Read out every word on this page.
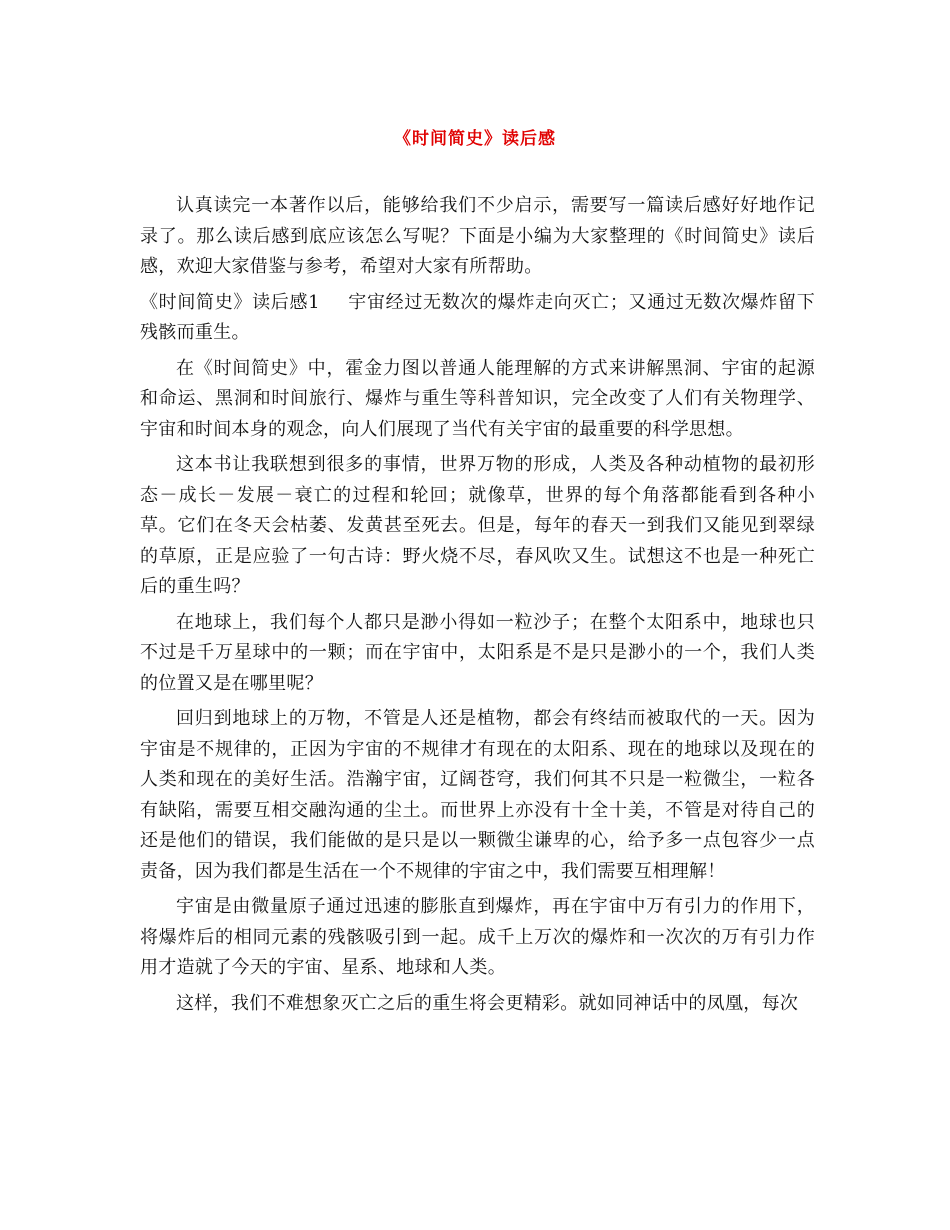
《时间简史》读后感

认真读完一本著作以后，能够给我们不少启示，需要写一篇读后感好好地作记录了。那么读后感到底应该怎么写呢？下面是小编为大家整理的《时间简史》读后感，欢迎大家借鉴与参考，希望对大家有所帮助。

《时间简史》读后感1 宇宙经过无数次的爆炸走向灭亡；又通过无数次爆炸留下残骸而重生。

在《时间简史》中，霍金力图以普通人能理解的方式来讲解黑洞、宇宙的起源和命运、黑洞和时间旅行、爆炸与重生等科普知识，完全改变了人们有关物理学、宇宙和时间本身的观念，向人们展现了当代有关宇宙的最重要的科学思想。

这本书让我联想到很多的事情，世界万物的形成，人类及各种动植物的最初形态－成长－发展－衰亡的过程和轮回；就像草，世界的每个角落都能看到各种小草。它们在冬天会枯萎、发黄甚至死去。但是，每年的春天一到我们又能见到翠绿的草原，正是应验了一句古诗：野火烧不尽，春风吹又生。试想这不也是一种死亡后的重生吗？

在地球上，我们每个人都只是渺小得如一粒沙子；在整个太阳系中，地球也只不过是千万星球中的一颗；而在宇宙中，太阳系是不是只是渺小的一个，我们人类的位置又是在哪里呢？

回归到地球上的万物，不管是人还是植物，都会有终结而被取代的一天。因为宇宙是不规律的，正因为宇宙的不规律才有现在的太阳系、现在的地球以及现在的人类和现在的美好生活。浩瀚宇宙，辽阔苍穹，我们何其不只是一粒微尘，一粒各有缺陷，需要互相交融沟通的尘土。而世界上亦没有十全十美，不管是对待自己的还是他们的错误，我们能做的是只是以一颗微尘谦卑的心，给予多一点包容少一点责备，因为我们都是生活在一个不规律的宇宙之中，我们需要互相理解！

宇宙是由微量原子通过迅速的膨胀直到爆炸，再在宇宙中万有引力的作用下，将爆炸后的相同元素的残骸吸引到一起。成千上万次的爆炸和一次次的万有引力作用才造就了今天的宇宙、星系、地球和人类。

这样，我们不难想象灭亡之后的重生将会更精彩。就如同神话中的凤凰，每次
